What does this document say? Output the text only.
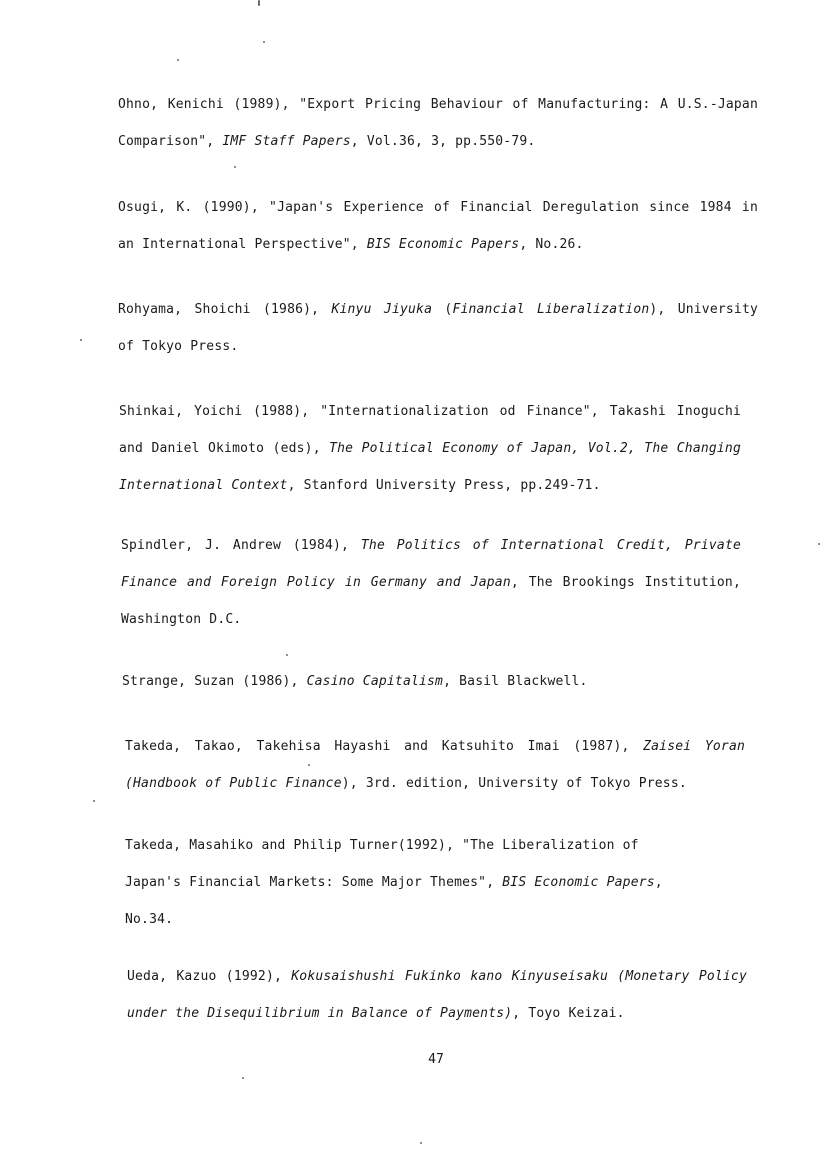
Ohno, Kenichi (1989), "Export Pricing Behaviour of Manufacturing: A U.S.-Japan
Comparison", IMF Staff Papers, Vol.36, 3, pp.550-79.
Osugi, K. (1990), "Japan's Experience of Financial Deregulation since 1984 in
an International Perspective", BIS Economic Papers, No.26.
Rohyama, Shoichi (1986), Kinyu Jiyuka (Financial Liberalization), University
of Tokyo Press.
Shinkai, Yoichi (1988), "Internationalization od Finance", Takashi Inoguchi
and Daniel Okimoto (eds), The Political Economy of Japan, Vol.2, The Changing
International Context, Stanford University Press, pp.249-71.
Spindler, J. Andrew (1984), The Politics of International Credit, Private
Finance and Foreign Policy in Germany and Japan, The Brookings Institution,
Washington D.C.
Strange, Suzan (1986), Casino Capitalism, Basil Blackwell.
Takeda, Takao, Takehisa Hayashi and Katsuhito Imai (1987), Zaisei Yoran
(Handbook of Public Finance), 3rd. edition, University of Tokyo Press.
Takeda, Masahiko and Philip Turner(1992), "The Liberalization of
Japan's Financial Markets: Some Major Themes", BIS Economic Papers,
No.34.
Ueda, Kazuo (1992), Kokusaishushi Fukinko kano Kinyuseisaku (Monetary Policy
under the Disequilibrium in Balance of Payments), Toyo Keizai.
47
